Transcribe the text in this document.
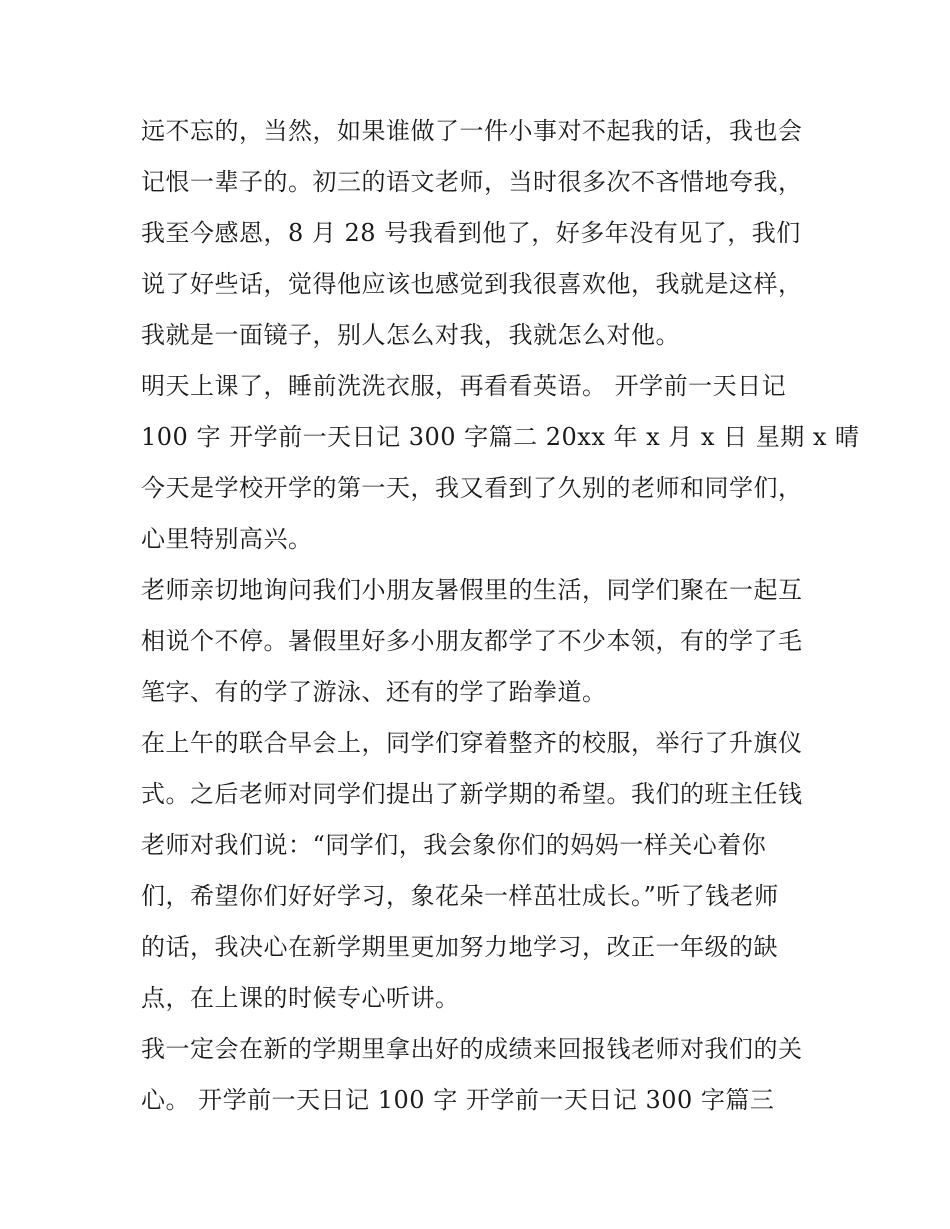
远不忘的，当然，如果谁做了一件小事对不起我的话，我也会
记恨一辈子的。初三的语文老师，当时很多次不吝惜地夸我，
我至今感恩，8 月 28 号我看到他了，好多年没有见了，我们
说了好些话，觉得他应该也感觉到我很喜欢他，我就是这样，
我就是一面镜子，别人怎么对我，我就怎么对他。
明天上课了，睡前洗洗衣服，再看看英语。 开学前一天日记
100 字 开学前一天日记 300 字篇二 20xx 年 x 月 x 日 星期 x 晴
今天是学校开学的第一天，我又看到了久别的老师和同学们，
心里特别高兴。
老师亲切地询问我们小朋友暑假里的生活，同学们聚在一起互
相说个不停。暑假里好多小朋友都学了不少本领，有的学了毛
笔字、有的学了游泳、还有的学了跆拳道。
在上午的联合早会上，同学们穿着整齐的校服，举行了升旗仪
式。之后老师对同学们提出了新学期的希望。我们的班主任钱
老师对我们说：“同学们，我会象你们的妈妈一样关心着你
们，希望你们好好学习，象花朵一样茁壮成长。”听了钱老师
的话，我决心在新学期里更加努力地学习，改正一年级的缺
点，在上课的时候专心听讲。
我一定会在新的学期里拿出好的成绩来回报钱老师对我们的关
心。 开学前一天日记 100 字 开学前一天日记 300 字篇三
